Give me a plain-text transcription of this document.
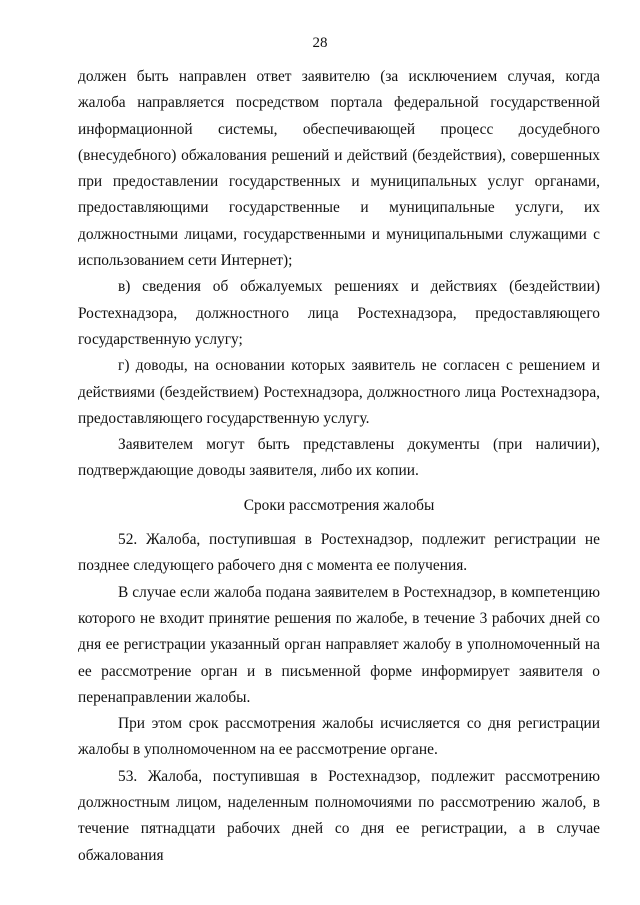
28

должен быть направлен ответ заявителю (за исключением случая, когда жалоба направляется посредством портала федеральной государственной информационной системы, обеспечивающей процесс досудебного (внесудебного) обжалования решений и действий (бездействия), совершенных при предоставлении государственных и муниципальных услуг органами, предоставляющими государственные и муниципальные услуги, их должностными лицами, государственными и муниципальными служащими с использованием сети Интернет);

в) сведения об обжалуемых решениях и действиях (бездействии) Ростехнадзора, должностного лица Ростехнадзора, предоставляющего государственную услугу;

г) доводы, на основании которых заявитель не согласен с решением и действиями (бездействием) Ростехнадзора, должностного лица Ростехнадзора, предоставляющего государственную услугу.

Заявителем могут быть представлены документы (при наличии), подтверждающие доводы заявителя, либо их копии.

Сроки рассмотрения жалобы

52. Жалоба, поступившая в Ростехнадзор, подлежит регистрации не позднее следующего рабочего дня с момента ее получения.

В случае если жалоба подана заявителем в Ростехнадзор, в компетенцию которого не входит принятие решения по жалобе, в течение 3 рабочих дней со дня ее регистрации указанный орган направляет жалобу в уполномоченный на ее рассмотрение орган и в письменной форме информирует заявителя о перенаправлении жалобы.

При этом срок рассмотрения жалобы исчисляется со дня регистрации жалобы в уполномоченном на ее рассмотрение органе.

53. Жалоба, поступившая в Ростехнадзор, подлежит рассмотрению должностным лицом, наделенным полномочиями по рассмотрению жалоб, в течение пятнадцати рабочих дней со дня ее регистрации, а в случае обжалования
